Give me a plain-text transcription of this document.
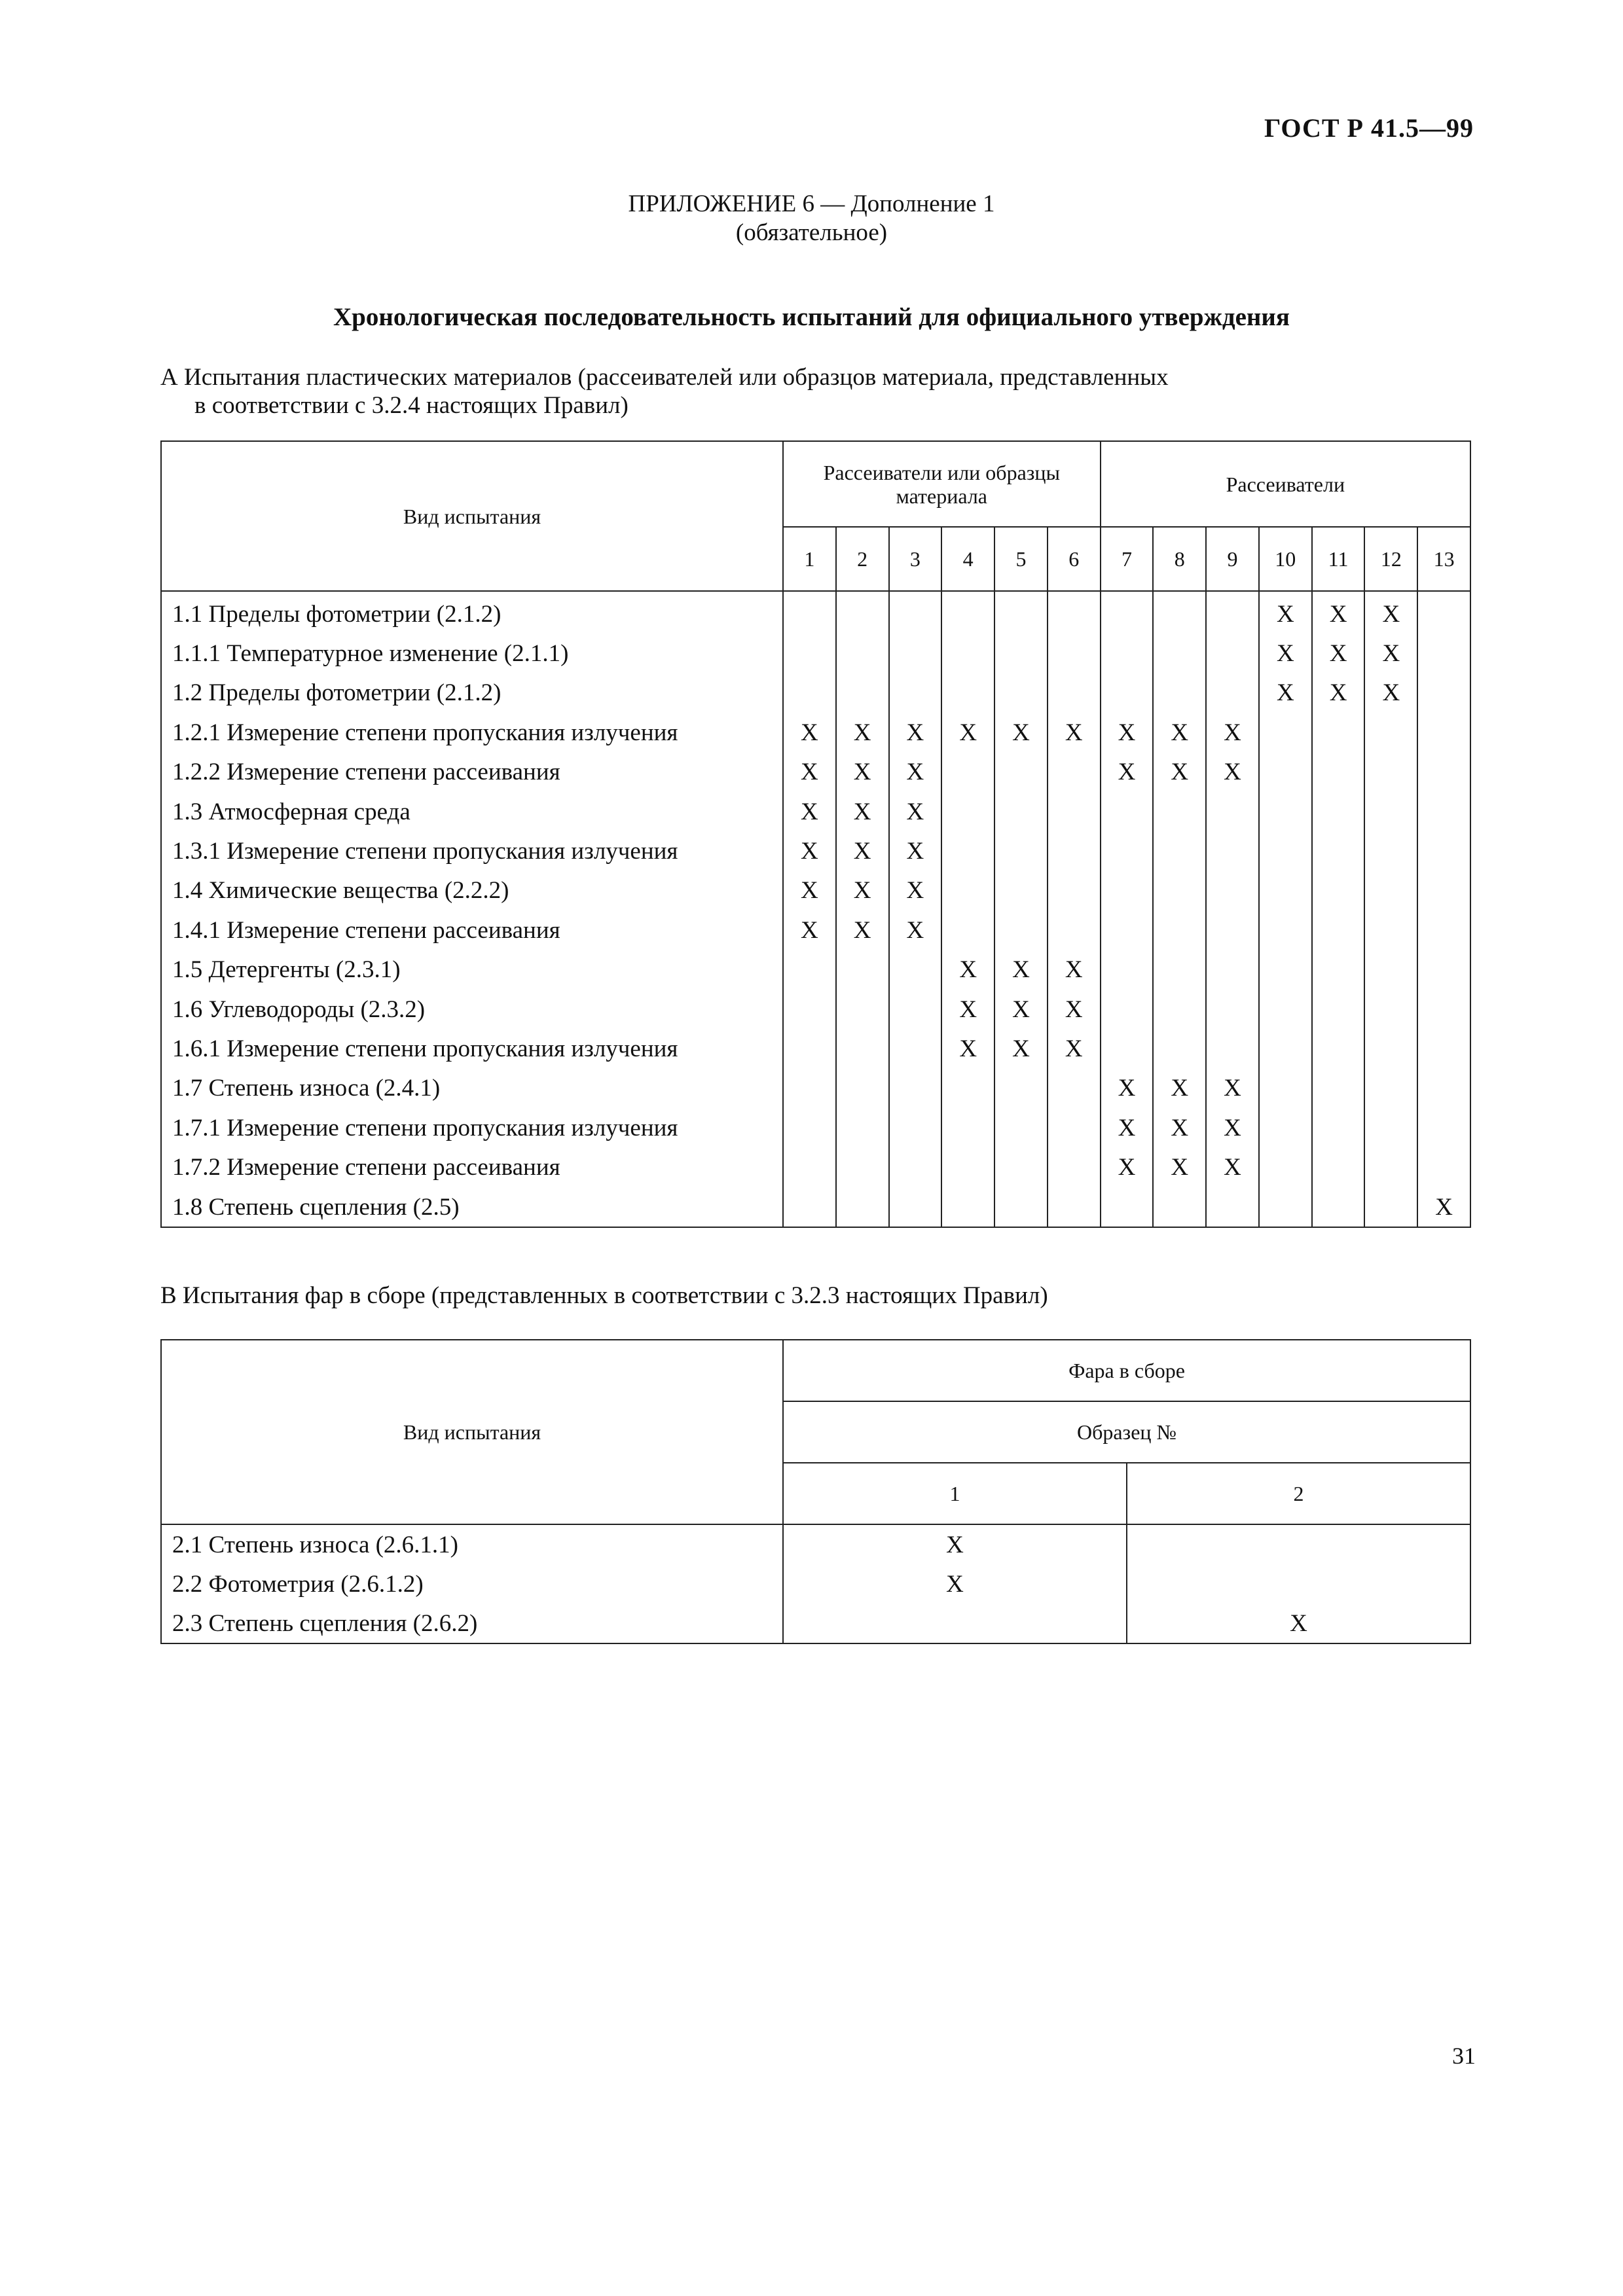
ГОСТ Р 41.5—99
ПРИЛОЖЕНИЕ 6 — Дополнение 1
(обязательное)
Хронологическая последовательность испытаний для официального утверждения
А Испытания пластических материалов (рассеивателей или образцов материала, представленных
в соответствии с 3.2.4 настоящих Правил)
Вид испытания	Рассеиватели или образцы материала						Рассеиватели						
	1	2	3	4	5	6	7	8	9	10	11	12	13
1.1 Пределы фотометрии (2.1.2)										X	X	X	
1.1.1 Температурное изменение (2.1.1)										X	X	X	
1.2 Пределы фотометрии (2.1.2)										X	X	X	
1.2.1 Измерение степени пропускания излучения	X	X	X	X	X	X	X	X	X				
1.2.2 Измерение степени рассеивания	X	X	X				X	X	X				
1.3 Атмосферная среда	X	X	X										
1.3.1 Измерение степени пропускания излучения	X	X	X										
1.4 Химические вещества (2.2.2)	X	X	X										
1.4.1 Измерение степени рассеивания	X	X	X										
1.5 Детергенты (2.3.1)				X	X	X							
1.6 Углеводороды (2.3.2)				X	X	X							
1.6.1 Измерение степени пропускания излучения				X	X	X							
1.7 Степень износа (2.4.1)							X	X	X				
1.7.1 Измерение степени пропускания излучения							X	X	X				
1.7.2 Измерение степени рассеивания							X	X	X				
1.8 Степень сцепления (2.5)													X
В Испытания фар в сборе (представленных в соответствии с 3.2.3 настоящих Правил)
Вид испытания	Фара в сборе	
	Образец №	
	1	2
2.1 Степень износа (2.6.1.1)	X	
2.2 Фотометрия (2.6.1.2)	X	
2.3 Степень сцепления (2.6.2)		X
31
